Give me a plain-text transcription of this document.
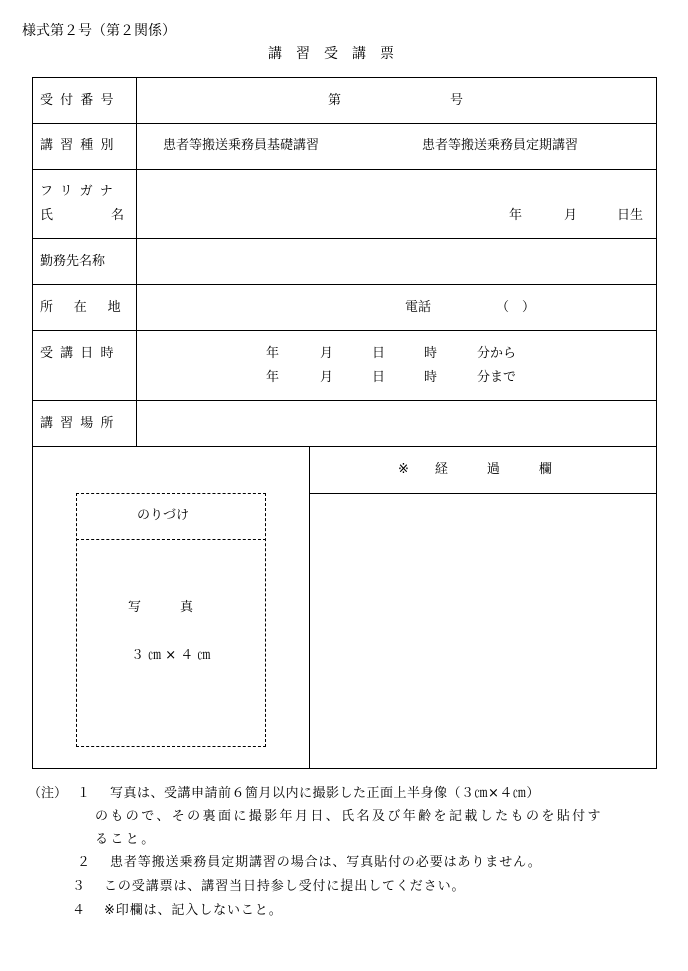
様式第２号（第２関係）
講　習　受　講　票
受付番号	第	号
講習種別	患者等搬送乗務員基礎講習	患者等搬送乗務員定期講習
フリガナ
氏	名	年	月	日生
勤務先名称
所在地	電話	（　）
受講日時	年	月	日	時	分から
年	月	日	時	分まで
講習場所
のりづけ
写　　　真
３ ㎝ × ４ ㎝
※　　経　　　過　　　欄
（注） １ 写真は、受講申請前６箇月以内に撮影した正面上半身像（３㎝×４㎝）
のもので、その裏面に撮影年月日、氏名及び年齢を記載したものを貼付す
ること。
２ 患者等搬送乗務員定期講習の場合は、写真貼付の必要はありません。
３ この受講票は、講習当日持参し受付に提出してください。
４ ※印欄は、記入しないこと。
